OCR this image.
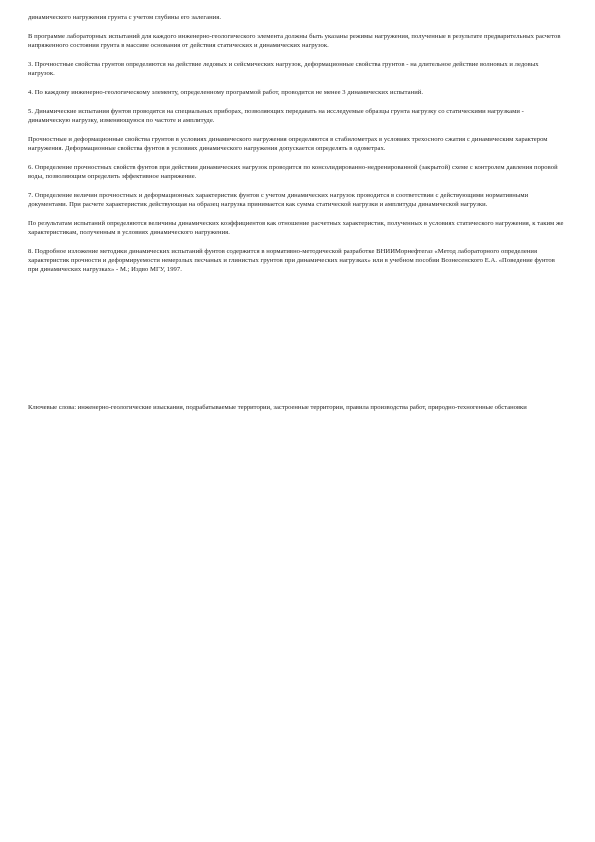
динамического нагружения грунта с учетом глубины его залегания.

В программе лабораторных испытаний для каждого инженерно-геологического элемента должны быть указаны режимы нагружения, полученные в результате предварительных расчетов напряженного состояния грунта в массиве основания от действия статических и динамических нагрузок.

3. Прочностные свойства грунтов определяются на действие ледовых и сейсмических нагрузок, деформационные свойства грунтов - на длительное действие волновых и ледовых нагрузок.

4. По каждому инженерно-геологическому элементу, определенному программой работ, проводится не менее 3 динамических испытаний.

5. Динамические испытания фунтов проводятся на специальных приборах, позволяющих передавать на исследуемые образцы грунта нагрузку со статическими нагрузками - динамическую нагрузку, изменяющуюся по частоте и амплитуде.

Прочностные и деформационные свойства грунтов в условиях динамического нагружения определяются в стабилометрах в условиях трехосного сжатия с динамическим характером нагружения. Деформационные свойства фунтов в условиях динамического нагружения допускается определять в одометрах.

6. Определение прочностных свойств фунтов при действии динамических нагрузок проводится по консолидированно-недренированной (закрытой) схеме с контролем давления поровой воды, позволяющим определить эффективное напряжение.

7. Определение величин прочностных и деформационных характеристик фунтов с учетом динамических нагрузок проводится в соответствии с действующими нормативными документами. При расчете характеристик действующая на образец нагрузка принимается как сумма статической нагрузки и амплитуды динамической нагрузки.

По результатам испытаний определяются величины динамических коэффициентов как отношение расчетных характеристик, полученных в условиях статического нагружения, к таким же характеристикам, полученным в условиях динамического нагружения.

8. Подробное изложение методики динамических испытаний фунтов содержится в нормативно-методической разработке ВНИИМорнефтегаз «Метод лабораторного определения характеристик прочности и деформируемости немерзлых песчаных и глинистых грунтов при динамических нагрузках» или в учебном пособии Вознесенского Е.А. «Поведение фунтов при динамических нагрузках» - М.; Издво МГУ, 1997.

Ключевые слова: инженерно-геологические изыскания, подрабатываемые территории, застроенные территории, правила производства работ, природно-техногенные обстановки
